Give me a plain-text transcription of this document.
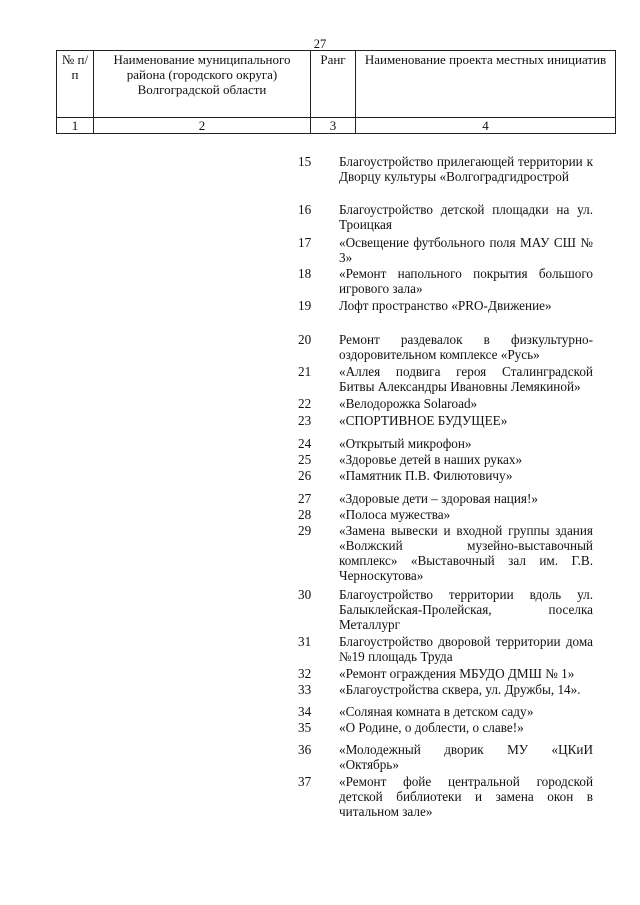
27
№ п/п	Наименование муниципального района (городского округа) Волгоградской области	Ранг	Наименование проекта местных инициатив
1	2	3	4
15	Благоустройство прилегающей территории к Дворцу культуры «Волгоградгидрострой
16	Благоустройство детской площадки на ул. Троицкая
17	«Освещение футбольного поля МАУ СШ № 3»
18	«Ремонт напольного покрытия большого игрового зала»
19	Лофт пространство «PRO-Движение»
20	Ремонт раздевалок в физкультурно-оздоровительном комплексе «Русь»
21	«Аллея подвига героя Сталинградской Битвы Александры Ивановны Лемякиной»
22	«Велодорожка Solaroad»
23	«СПОРТИВНОЕ БУДУЩЕЕ»
24	«Открытый микрофон»
25	«Здоровье детей в наших руках»
26	«Памятник П.В. Филютовичу»
27	«Здоровые дети – здоровая нация!»
28	«Полоса мужества»
29	«Замена вывески и входной группы здания «Волжский музейно-выставочный комплекс» «Выставочный зал им. Г.В. Черноскутова»
30	Благоустройство территории вдоль ул. Балыклейская-Пролейская, поселка Металлург
31	Благоустройство дворовой территории дома №19 площадь Труда
32	«Ремонт ограждения МБУДО ДМШ № 1»
33	«Благоустройства сквера, ул. Дружбы, 14».
34	«Соляная комната в детском саду»
35	«О Родине, о доблести, о славе!»
36	«Молодежный дворик МУ «ЦКиИ «Октябрь»
37	«Ремонт фойе центральной городской детской библиотеки и замена окон в читальном зале»
